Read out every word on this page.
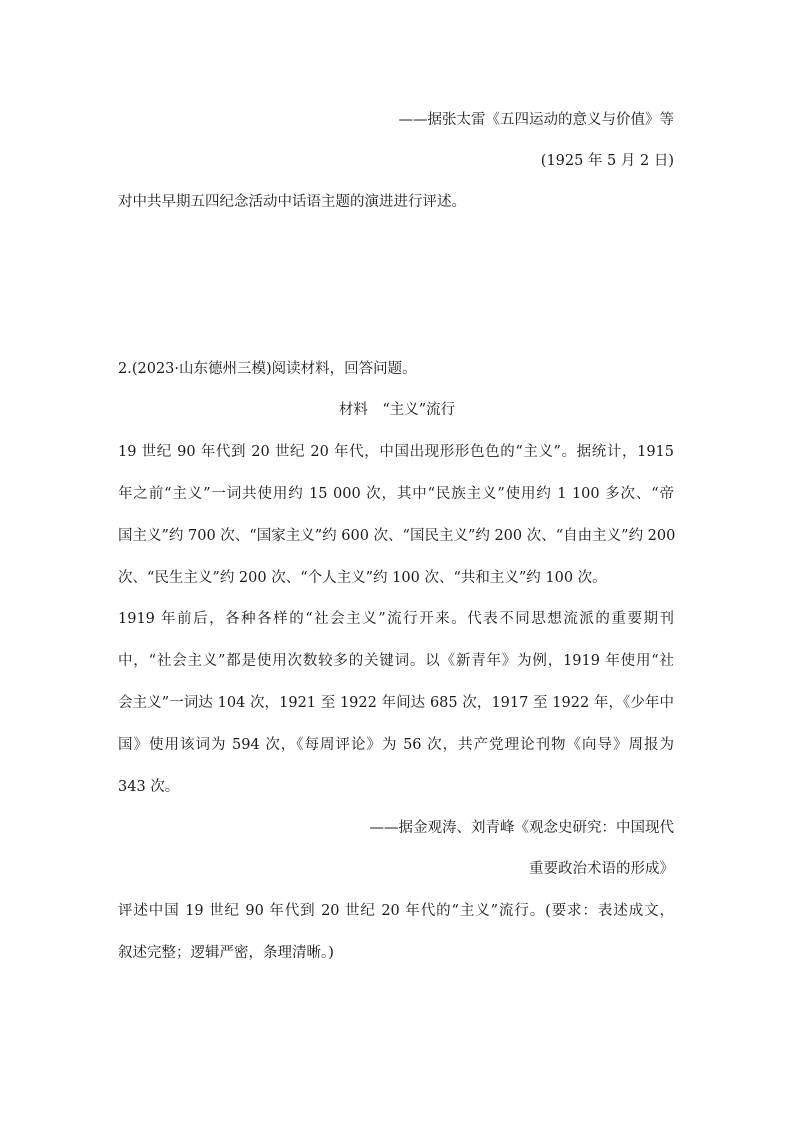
——据张太雷《五四运动的意义与价值》等
(1925 年 5 月 2 日)
对中共早期五四纪念活动中话语主题的演进进行评述。
2.(2023·山东德州三模)阅读材料，回答问题。
材料　“主义”流行
19 世纪 90 年代到 20 世纪 20 年代，中国出现形形色色的“主义”。据统计，1915
年之前“主义”一词共使用约 15 000 次，其中“民族主义”使用约 1 100 多次、“帝
国主义”约 700 次、“国家主义”约 600 次、“国民主义”约 200 次、“自由主义”约 200
次、“民生主义”约 200 次、“个人主义”约 100 次、“共和主义”约 100 次。
1919 年前后，各种各样的“社会主义”流行开来。代表不同思想流派的重要期刊
中，“社会主义”都是使用次数较多的关键词。以《新青年》为例，1919 年使用“社
会主义”一词达 104 次，1921 至 1922 年间达 685 次，1917 至 1922 年，《少年中
国》使用该词为 594 次，《每周评论》为 56 次，共产党理论刊物《向导》周报为
343 次。
——据金观涛、刘青峰《观念史研究：中国现代
重要政治术语的形成》
评述中国 19 世纪 90 年代到 20 世纪 20 年代的“主义”流行。(要求：表述成文，
叙述完整；逻辑严密，条理清晰。)
